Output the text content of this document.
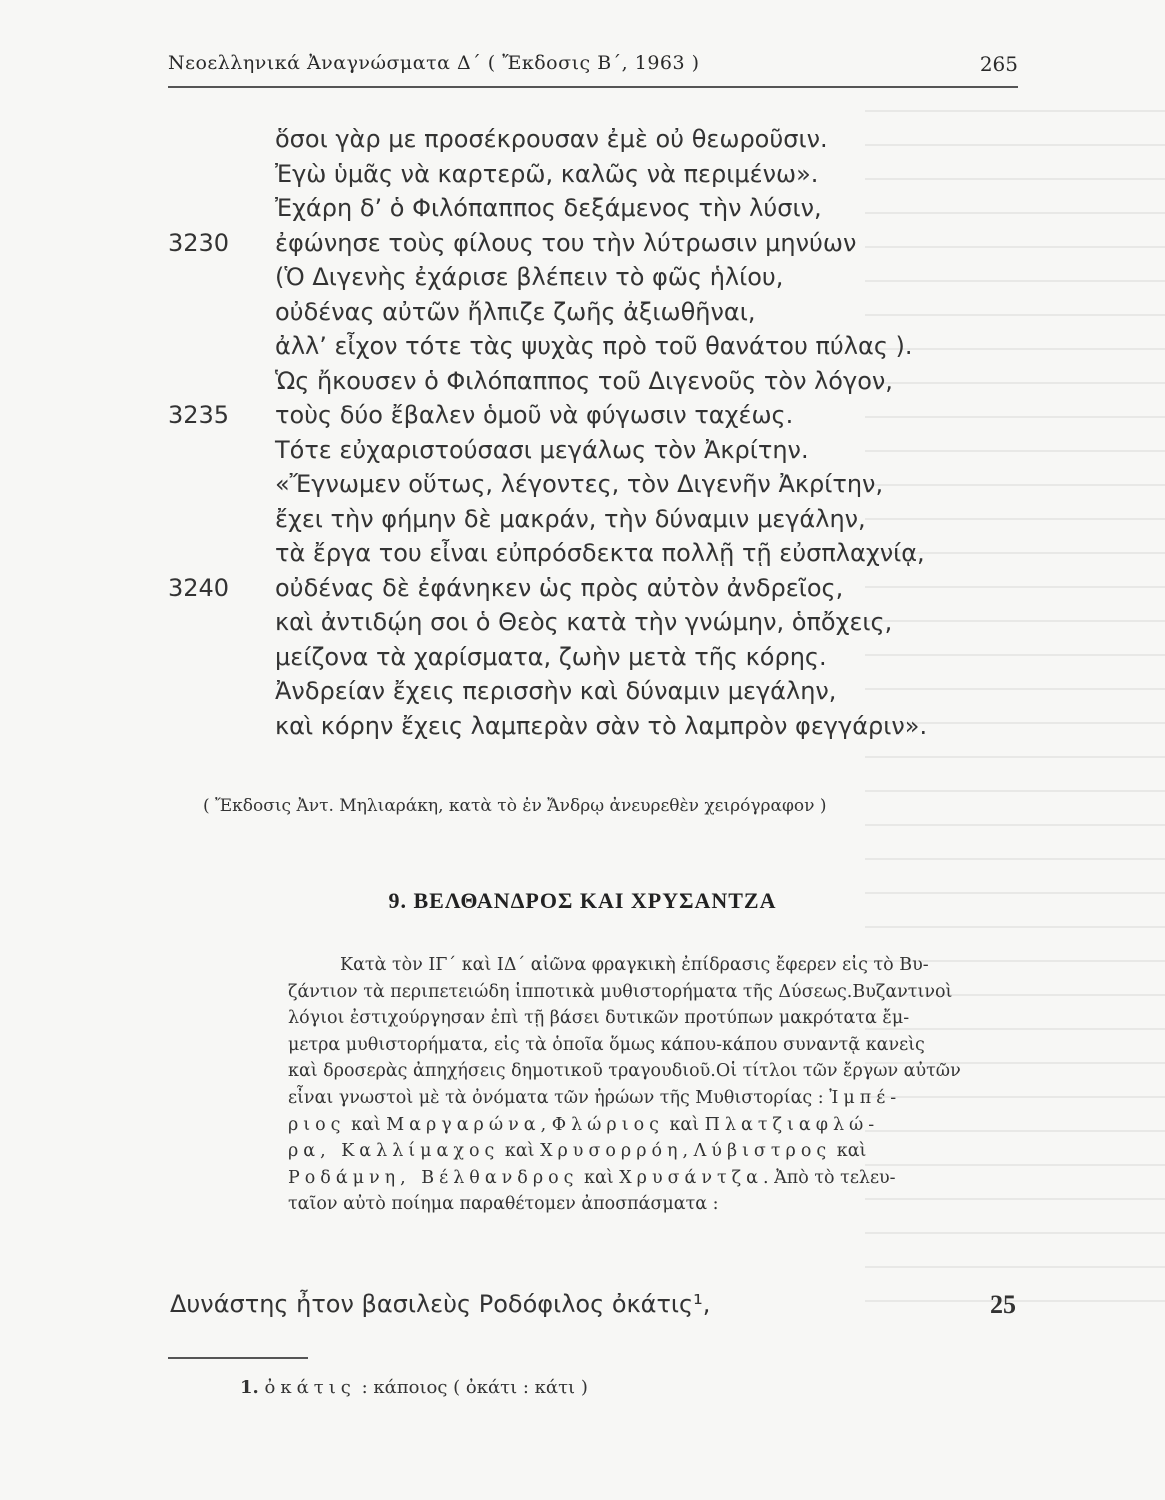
Νεοελληνικά Ἀναγνώσματα Δ΄ ( Ἔκδοσις Β΄, 1963 )	265
ὅσοι γὰρ με προσέκρουσαν ἐμὲ οὐ θεωροῦσιν.
Ἐγὼ ὑμᾶς νὰ καρτερῶ, καλῶς νὰ περιμένω».
Ἐχάρη δ’ ὁ Φιλόπαππος δεξάμενος τὴν λύσιν,
3230 ἐφώνησε τοὺς φίλους του τὴν λύτρωσιν μηνύων
(Ὁ Διγενὴς ἐχάρισε βλέπειν τὸ φῶς ἡλίου,
οὐδένας αὐτῶν ἤλπιζε ζωῆς ἀξιωθῆναι,
ἀλλ’ εἶχον τότε τὰς ψυχὰς πρὸ τοῦ θανάτου πύλας ).
Ὡς ἤκουσεν ὁ Φιλόπαππος τοῦ Διγενοῦς τὸν λόγον,
3235 τοὺς δύο ἔβαλεν ὁμοῦ νὰ φύγωσιν ταχέως.
Τότε εὐχαριστούσασι μεγάλως τὸν Ἀκρίτην.
«Ἔγνωμεν οὕτως, λέγοντες, τὸν Διγενῆν Ἀκρίτην,
ἔχει τὴν φήμην δὲ μακράν, τὴν δύναμιν μεγάλην,
τὰ ἔργα του εἶναι εὐπρόσδεκτα πολλῇ τῇ εὐσπλαχνίᾳ,
3240 οὐδένας δὲ ἐφάνηκεν ὡς πρὸς αὐτὸν ἀνδρεῖος,
καὶ ἀντιδῴη σοι ὁ Θεὸς κατὰ τὴν γνώμην, ὁπὄχεις,
μείζονα τὰ χαρίσματα, ζωὴν μετὰ τῆς κόρης.
Ἀνδρείαν ἔχεις περισσὴν καὶ δύναμιν μεγάλην,
καὶ κόρην ἔχεις λαμπερὰν σὰν τὸ λαμπρὸν φεγγάριν».
( Ἔκδοσις Ἀντ. Μηλιαράκη, κατὰ τὸ ἐν Ἄνδρῳ ἀνευρεθὲν χειρόγραφον )
9. ΒΕΛΘΑΝΔΡΟΣ ΚΑΙ ΧΡΥΣΑΝΤΖΑ

Κατὰ τὸν ΙΓ΄ καὶ ΙΔ΄ αἰῶνα φραγκικὴ ἐπίδρασις ἔφερεν εἰς τὸ Βυ-

ζάντιον τὰ περιπετειώδη ἱπποτικὰ μυθιστορήματα τῆς Δύσεως.Βυζαντινοὶ

λόγιοι ἐστιχούργησαν ἐπὶ τῇ βάσει δυτικῶν προτύπων μακρότατα ἔμ-

μετρα μυθιστορήματα, εἰς τὰ ὁποῖα ὅμως κάπου-κάπου συναντᾷ κανεὶς

καὶ δροσερὰς ἀπηχήσεις δημοτικοῦ τραγουδιοῦ.Οἱ τίτλοι τῶν ἔργων αὐτῶν

εἶναι γνωστοὶ μὲ τὰ ὀνόματα τῶν ἡρώων τῆς Μυθιστορίας : Ἰμπέ-

ριος καὶ Μαργαρώνα, Φλώριος καὶ Πλατζιαφλώ-

ρα, Καλλίμαχος καὶ Χρυσορρόη, Λύβιστρος καὶ

Ροδάμνη, Βέλθανδρος καὶ Χρυσάντζα. Ἀπὸ τὸ τελευ-

ταῖον αὐτὸ ποίημα παραθέτομεν ἀποσπάσματα :

Δυνάστης ἦτον βασιλεὺς Ροδόφιλος ὀκάτις¹,	25
1. ὀκάτις : κάποιος ( ὀκάτι : κάτι )
